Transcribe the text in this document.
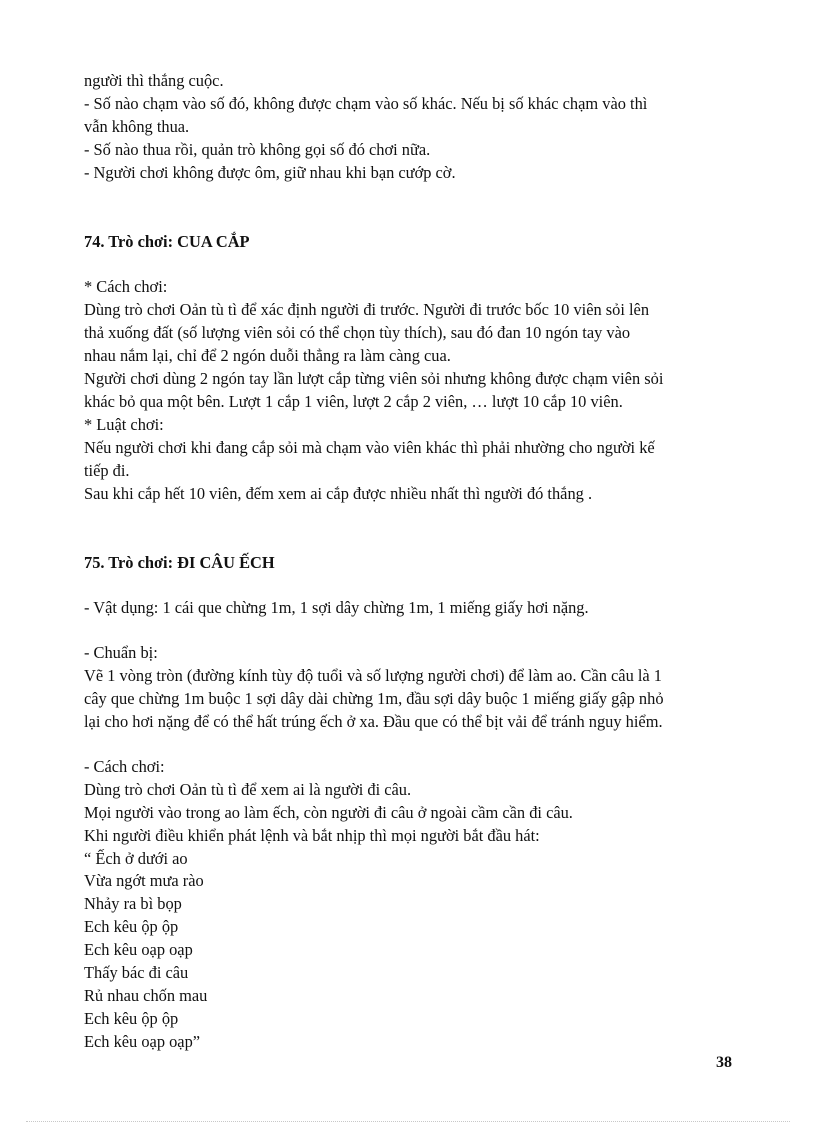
người thì thắng cuộc.
- Số nào chạm vào số đó, không được chạm vào số khác. Nếu bị số khác chạm vào thì
vẫn không thua.
- Số nào thua rồi, quản trò không gọi số đó chơi nữa.
- Người chơi không được ôm, giữ nhau khi bạn cướp cờ.
74. Trò chơi: CUA CẮP
* Cách chơi:
Dùng trò chơi Oản tù tì để xác định người đi trước. Người đi trước bốc 10 viên sỏi lên
thả xuống đất (số lượng viên sỏi có thể chọn tùy thích), sau đó đan 10 ngón tay vào
nhau nắm lại, chỉ để 2 ngón duỗi thẳng ra làm càng cua.
Người chơi dùng 2 ngón tay lần lượt cắp từng viên sỏi nhưng không được chạm viên sỏi
khác bỏ qua một bên. Lượt 1 cắp 1 viên, lượt 2 cắp 2 viên, … lượt 10 cắp 10 viên.
* Luật chơi:
Nếu người chơi khi đang cắp sỏi mà chạm vào viên khác thì phải nhường cho người kế
tiếp đi.
Sau khi cắp hết 10 viên, đếm xem ai cắp được nhiều nhất thì người đó thắng .
75. Trò chơi: ĐI CÂU ẾCH
- Vật dụng: 1 cái que chừng 1m, 1 sợi dây chừng 1m, 1 miếng giấy hơi nặng.
- Chuẩn bị:
Vẽ 1 vòng tròn (đường kính tùy độ tuổi và số lượng người chơi) để làm ao. Cần câu là 1
cây que chừng 1m buộc 1 sợi dây dài chừng 1m, đầu sợi dây buộc 1 miếng giấy gập nhỏ
lại cho hơi nặng để có thể hất trúng ếch ở xa. Đầu que có thể bịt vải để tránh nguy hiểm.
- Cách chơi:
Dùng trò chơi Oản tù tì để xem ai là người đi câu.
Mọi người vào trong ao làm ếch, còn người đi câu ở ngoài cầm cần đi câu.
Khi người điều khiển phát lệnh và bắt nhịp thì mọi người bắt đầu hát:
“ Ếch ở dưới ao
Vừa ngớt mưa rào
Nhảy ra bì bọp
Ech kêu ộp ộp
Ech kêu oạp oạp
Thấy bác đi câu
Rủ nhau chốn mau
Ech kêu ộp ộp
Ech kêu oạp oạp”
38
